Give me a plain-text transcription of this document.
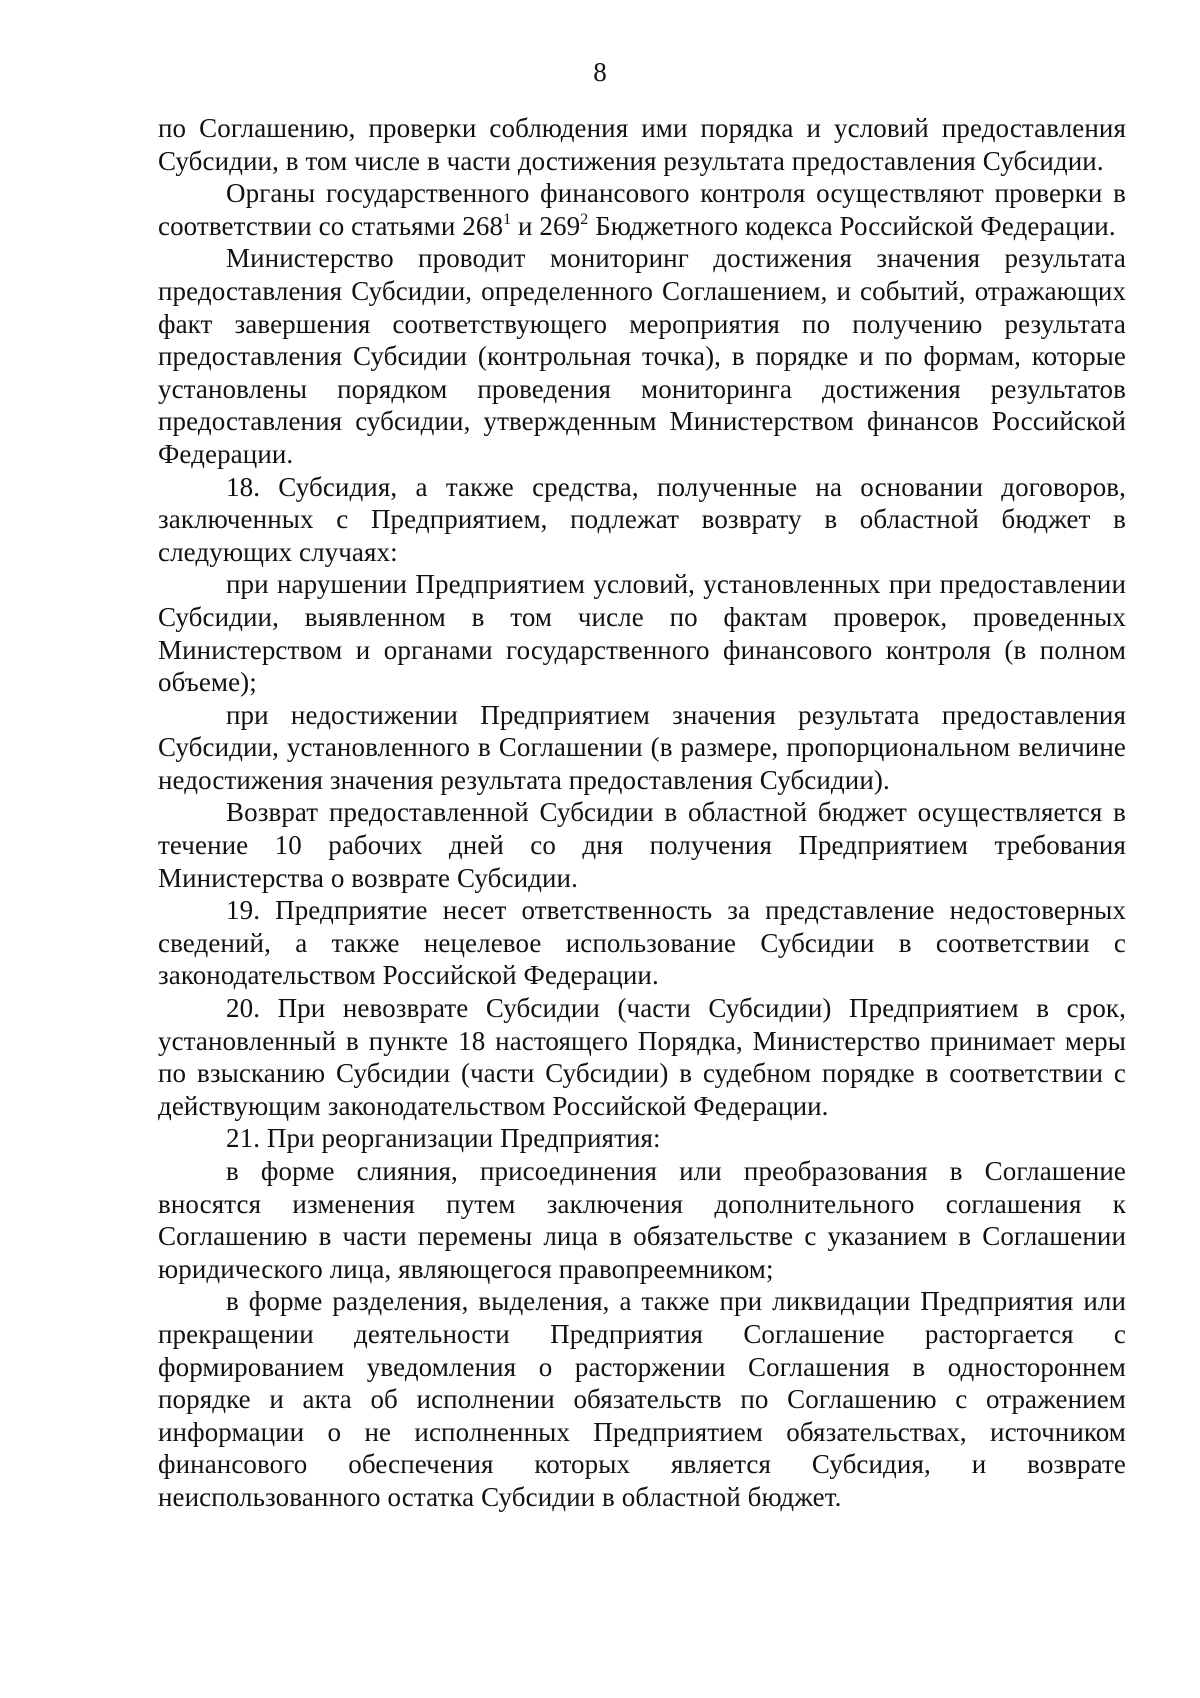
8

по Соглашению, проверки соблюдения ими порядка и условий предоставления Субсидии, в том числе в части достижения результата предоставления Субсидии.

Органы государственного финансового контроля осуществляют проверки в соответствии со статьями $268^1$ и $269^2$ Бюджетного кодекса Российской Федерации.

Министерство проводит мониторинг достижения значения результата предоставления Субсидии, определенного Соглашением, и событий, отражающих факт завершения соответствующего мероприятия по получению результата предоставления Субсидии (контрольная точка), в порядке и по формам, которые установлены порядком проведения мониторинга достижения результатов предоставления субсидии, утвержденным Министерством финансов Российской Федерации.

18. Субсидия, а также средства, полученные на основании договоров, заключенных с Предприятием, подлежат возврату в областной бюджет в следующих случаях:

при нарушении Предприятием условий, установленных при предоставлении Субсидии, выявленном в том числе по фактам проверок, проведенных Министерством и органами государственного финансового контроля (в полном объеме);

при недостижении Предприятием значения результата предоставления Субсидии, установленного в Соглашении (в размере, пропорциональном величине недостижения значения результата предоставления Субсидии).

Возврат предоставленной Субсидии в областной бюджет осуществляется в течение 10 рабочих дней со дня получения Предприятием требования Министерства о возврате Субсидии.

19. Предприятие несет ответственность за представление недостоверных сведений, а также нецелевое использование Субсидии в соответствии с законодательством Российской Федерации.

20. При невозврате Субсидии (части Субсидии) Предприятием в срок, установленный в пункте 18 настоящего Порядка, Министерство принимает меры по взысканию Субсидии (части Субсидии) в судебном порядке в соответствии с действующим законодательством Российской Федерации.

21. При реорганизации Предприятия:

в форме слияния, присоединения или преобразования в Соглашение вносятся изменения путем заключения дополнительного соглашения к Соглашению в части перемены лица в обязательстве с указанием в Соглашении юридического лица, являющегося правопреемником;

в форме разделения, выделения, а также при ликвидации Предприятия или прекращении деятельности Предприятия Соглашение расторгается с формированием уведомления о расторжении Соглашения в одностороннем порядке и акта об исполнении обязательств по Соглашению с отражением информации о не исполненных Предприятием обязательствах, источником финансового обеспечения которых является Субсидия, и возврате неиспользованного остатка Субсидии в областной бюджет.
